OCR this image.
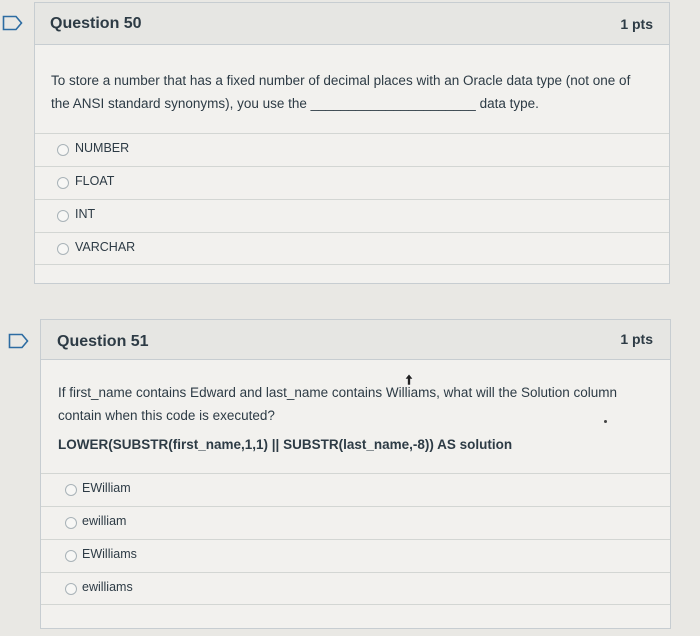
Question 50	1 pts
To store a number that has a fixed number of decimal places with an Oracle data type (not one of
the ANSI standard synonyms), you use the ______________________ data type.
NUMBER
FLOAT
INT
VARCHAR
Question 51	1 pts
If first_name contains Edward and last_name contains Williams, what will the Solution column
contain when this code is executed?
LOWER(SUBSTR(first_name,1,1) || SUBSTR(last_name,-8)) AS solution
EWilliam
ewilliam
EWilliams
ewilliams
